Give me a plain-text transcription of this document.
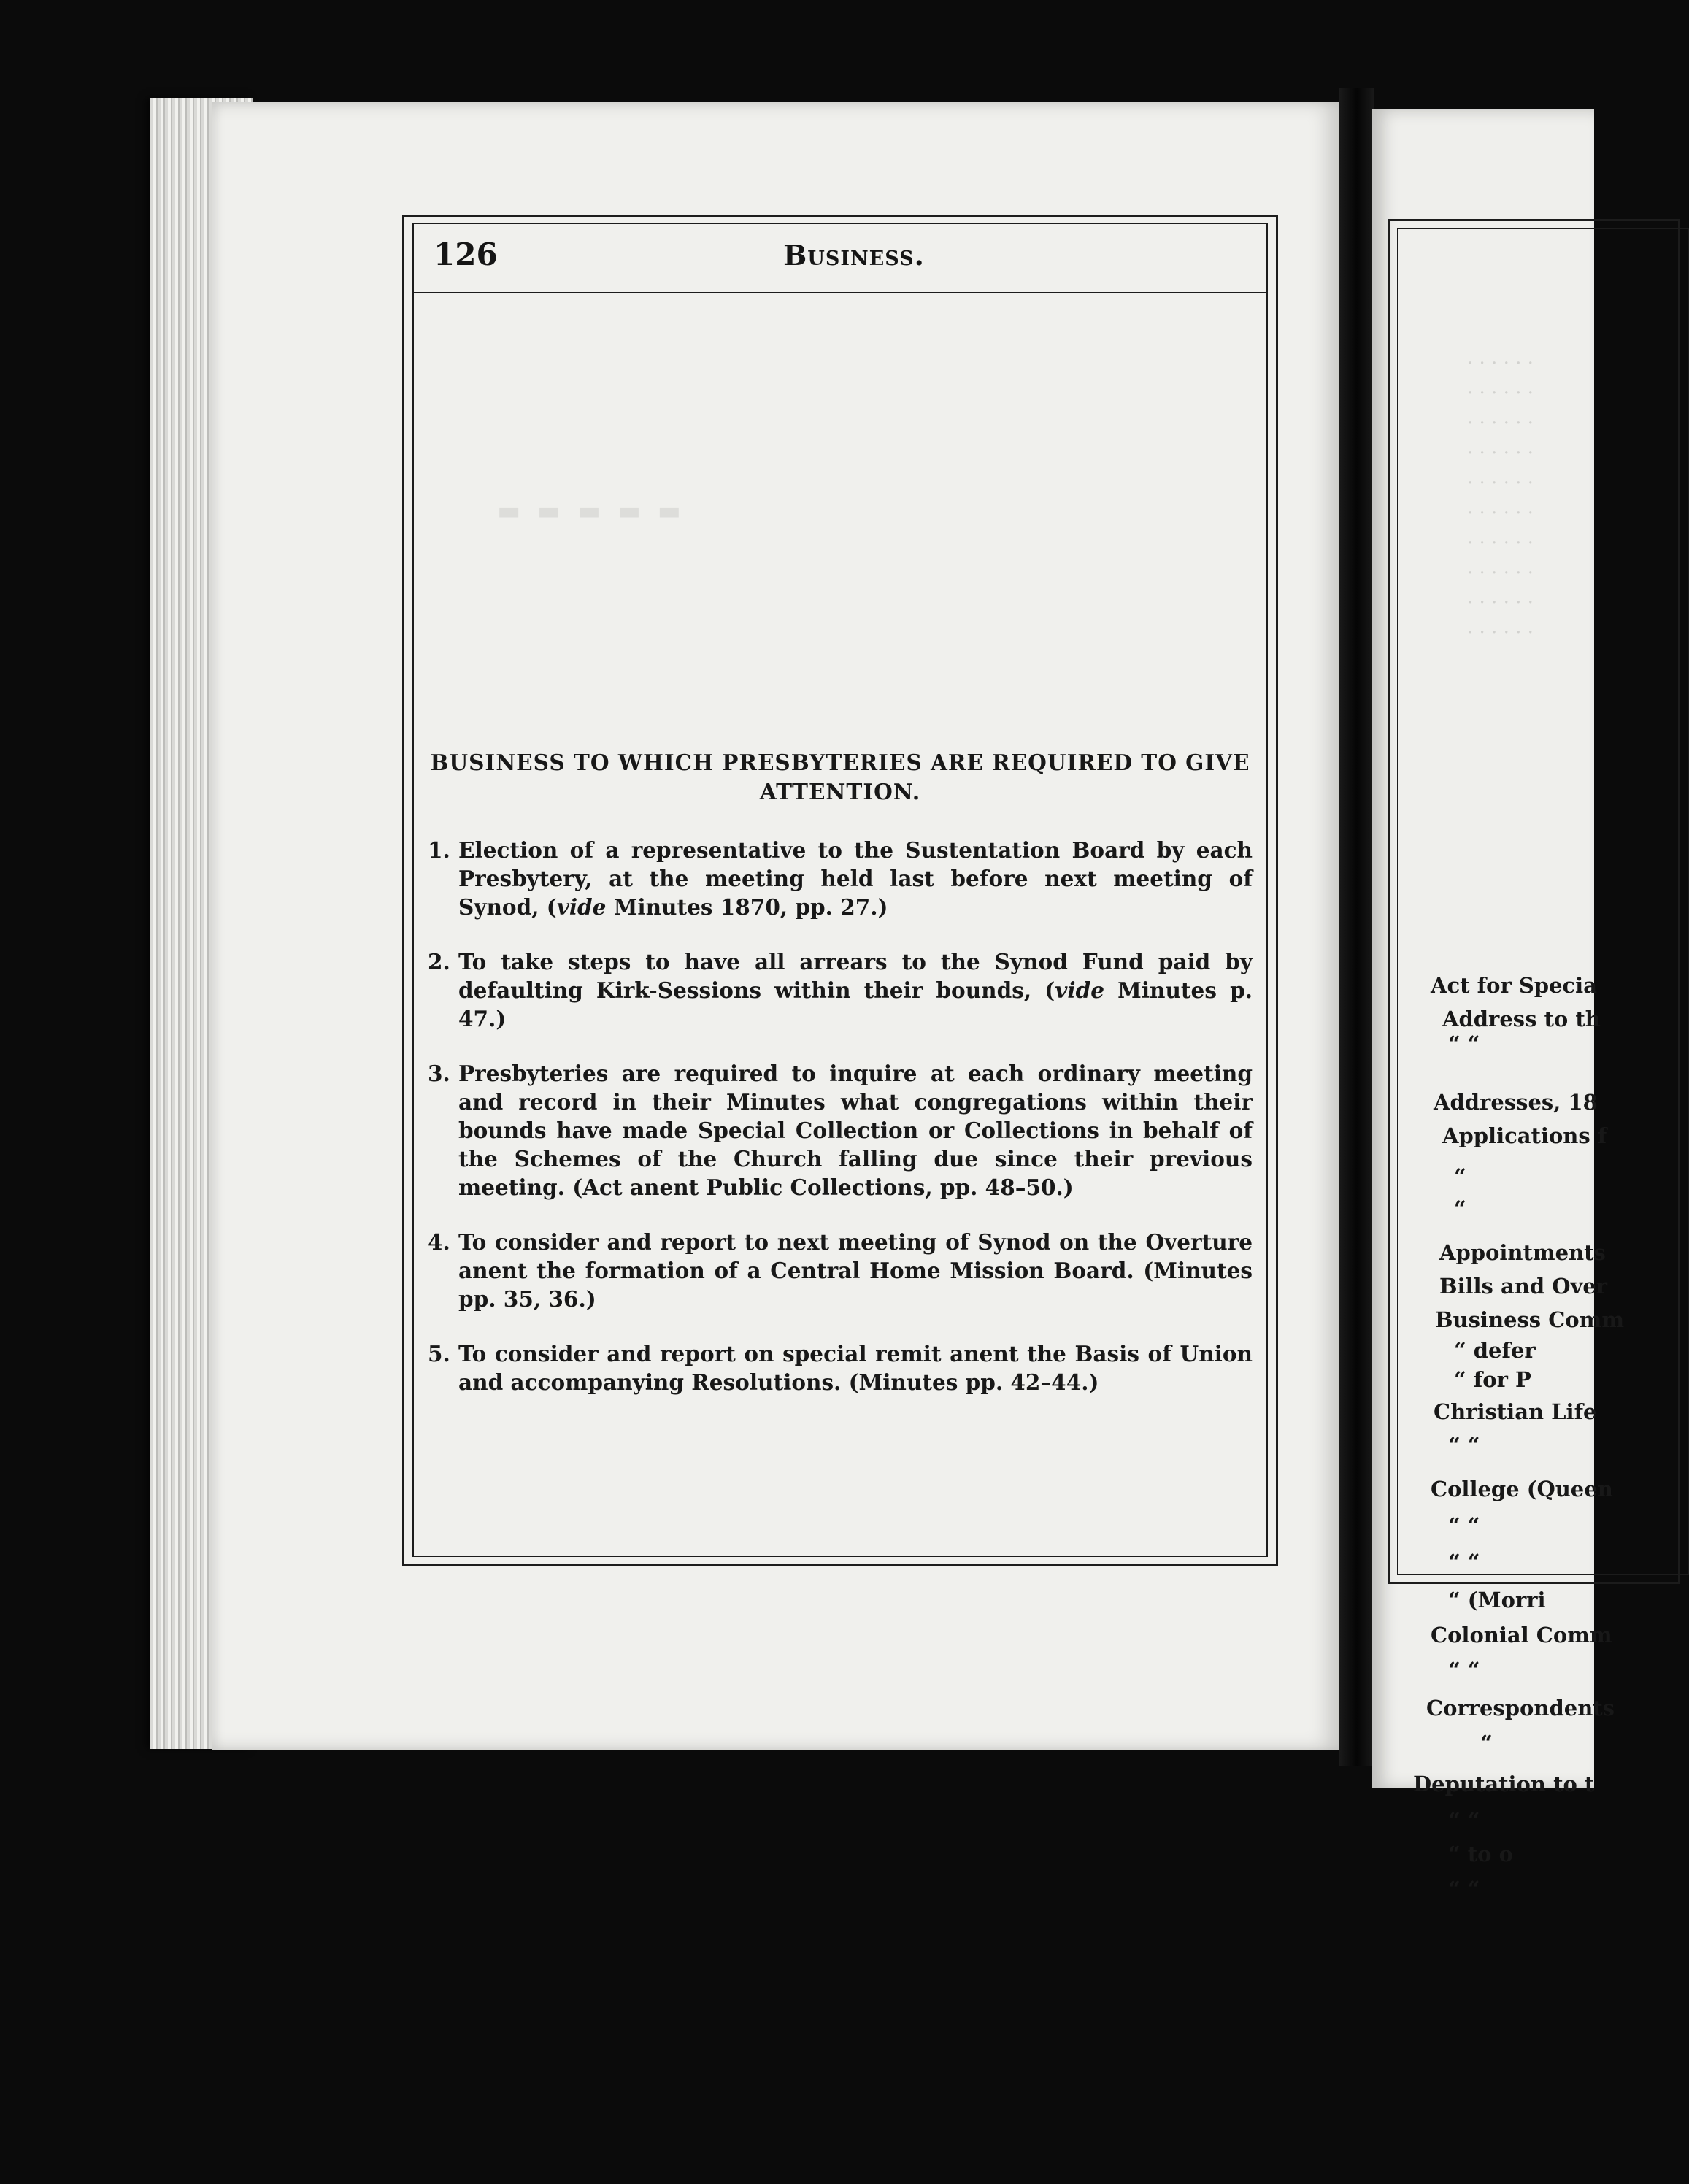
126	Business.
BUSINESS TO WHICH PRESBYTERIES ARE REQUIRED TO GIVE ATTENTION.
1. Election of a representative to the Sustentation Board by each Presbytery, at the meeting held last before next meeting of Synod, (vide Minutes 1870, pp. 27.)
2. To take steps to have all arrears to the Synod Fund paid by defaulting Kirk-Sessions within their bounds, (vide Minutes p. 47.)
3. Presbyteries are required to inquire at each ordinary meeting and record in their Minutes what congregations within their bounds have made Special Collection or Collections in behalf of the Schemes of the Church falling due since their previous meeting. (Act anent Public Collections, pp. 48–50.)
4. To consider and report to next meeting of Synod on the Overture anent the formation of a Central Home Mission Board. (Minutes pp. 35, 36.)
5. To consider and report on special remit anent the Basis of Union and accompanying Resolutions. (Minutes pp. 42–44.)
. . . . . .
. . . . . .
. . . . . .
. . . . . .
. . . . . .
. . . . . .
. . . . . .
. . . . . .
. . . . . .
. . . . . .
Act for Specia
Address to th
“ “
Addresses, 18
Applications f
“
“
Appointments
Bills and Over
Business Comm
“ defer
“ for P
Christian Life
“ “
College (Queen
“ “
“ “
“ (Morri
Colonial Comm
“ “
Correspondents
“
Deputation to t
“ “
“ to o
“ “
